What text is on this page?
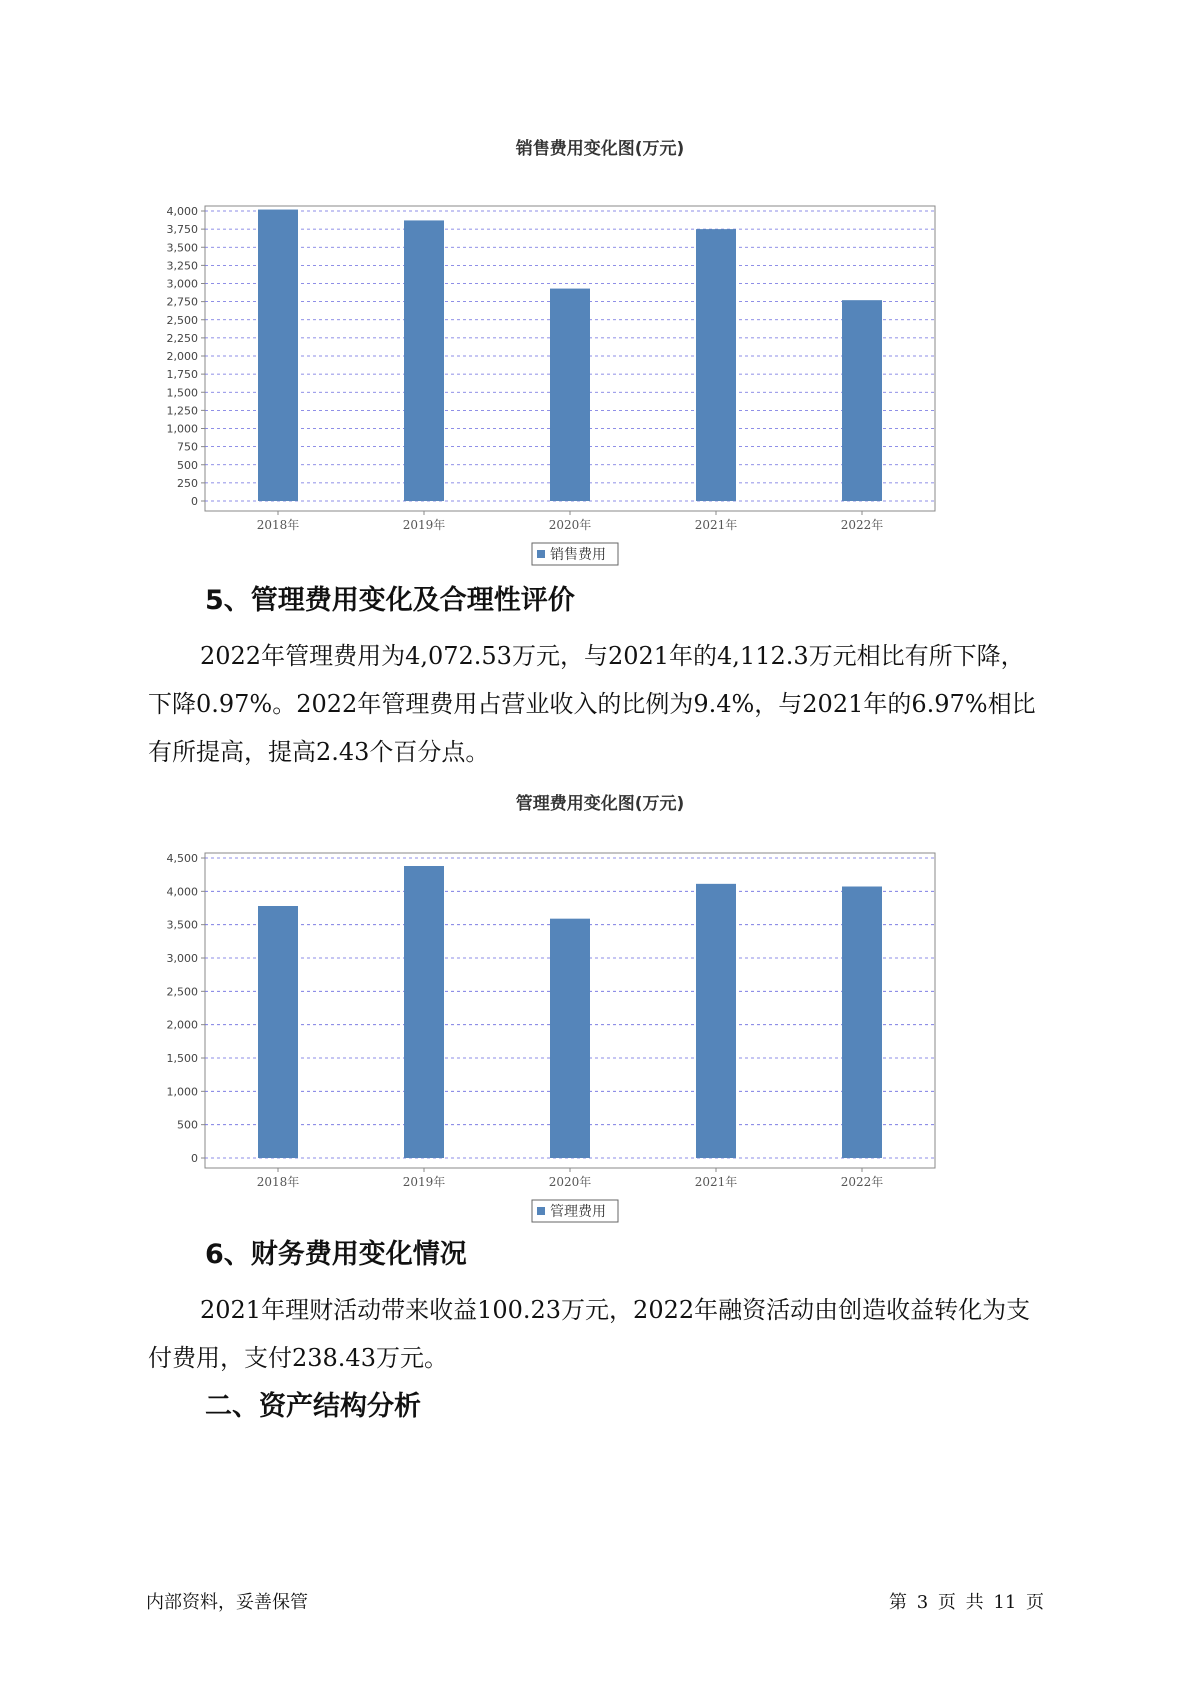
销售费用变化图(万元)
0
250
500
750
1,000
1,250
1,500
1,750
2,000
2,250
2,500
2,750
3,000
3,250
3,500
3,750
4,000
2018年	2019年	2020年	2021年	2022年
销售费用
5、管理费用变化及合理性评价
2022年管理费用为4,072.53万元，与2021年的4,112.3万元相比有所下降，下降0.97%。2022年管理费用占营业收入的比例为9.4%，与2021年的6.97%相比有所提高，提高2.43个百分点。
管理费用变化图(万元)
0
500
1,000
1,500
2,000
2,500
3,000
3,500
4,000
4,500
2018年	2019年	2020年	2021年	2022年
管理费用
6、财务费用变化情况
2021年理财活动带来收益100.23万元，2022年融资活动由创造收益转化为支付费用，支付238.43万元。
二、资产结构分析
内部资料，妥善保管	第 3 页 共 11 页
